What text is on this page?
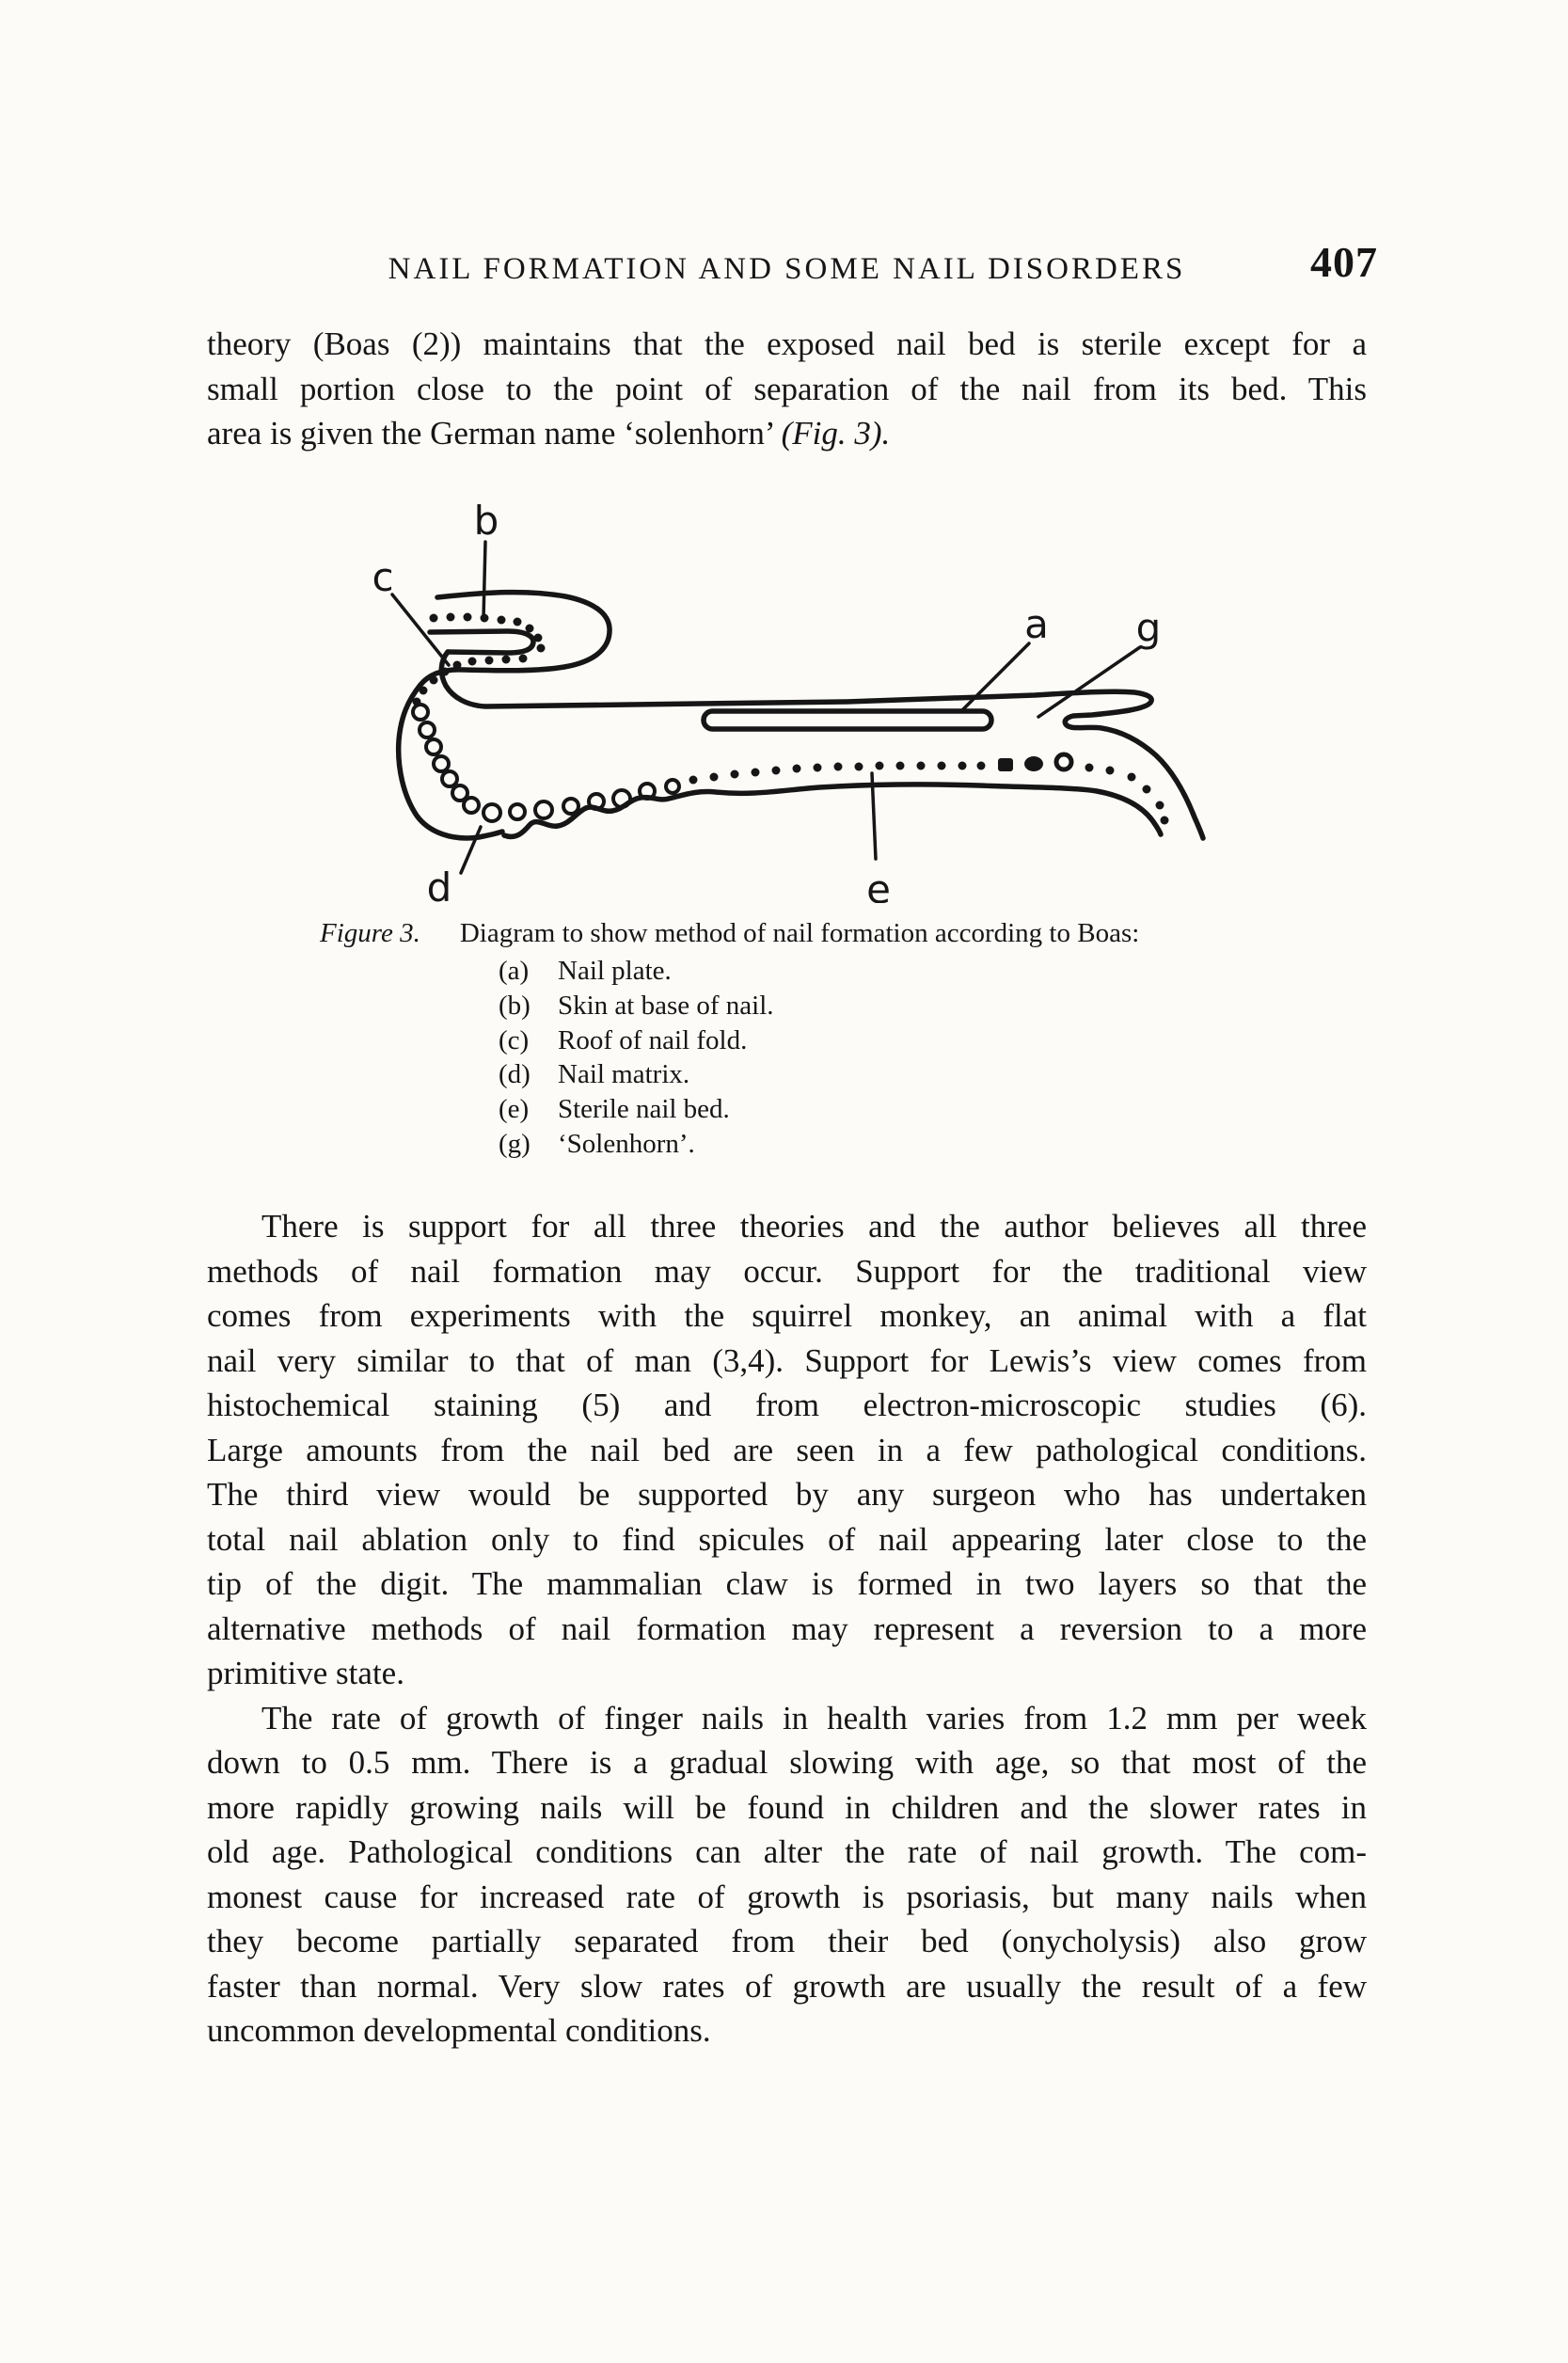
NAIL FORMATION AND SOME NAIL DISORDERS	407
theory (Boas (2)) maintains that the exposed nail bed is sterile except for a
small portion close to the point of separation of the nail from its bed. This
area is given the German name ‘solenhorn’ (Fig. 3).
b
c
a g
d	e
Figure 3. Diagram to show method of nail formation according to Boas:
(a) Nail plate.
(b) Skin at base of nail.
(c) Roof of nail fold.
(d) Nail matrix.
(e) Sterile nail bed.
(g) ‘Solenhorn’.
There is support for all three theories and the author believes all three
methods of nail formation may occur. Support for the traditional view
comes from experiments with the squirrel monkey, an animal with a flat
nail very similar to that of man (3,4). Support for Lewis’s view comes from
histochemical staining (5) and from electron-microscopic studies (6).
Large amounts from the nail bed are seen in a few pathological conditions.
The third view would be supported by any surgeon who has undertaken
total nail ablation only to find spicules of nail appearing later close to the
tip of the digit. The mammalian claw is formed in two layers so that the
alternative methods of nail formation may represent a reversion to a more
primitive state.
The rate of growth of finger nails in health varies from 1.2 mm per week
down to 0.5 mm. There is a gradual slowing with age, so that most of the
more rapidly growing nails will be found in children and the slower rates in
old age. Pathological conditions can alter the rate of nail growth. The com-
monest cause for increased rate of growth is psoriasis, but many nails when
they become partially separated from their bed (onycholysis) also grow
faster than normal. Very slow rates of growth are usually the result of a few
uncommon developmental conditions.
